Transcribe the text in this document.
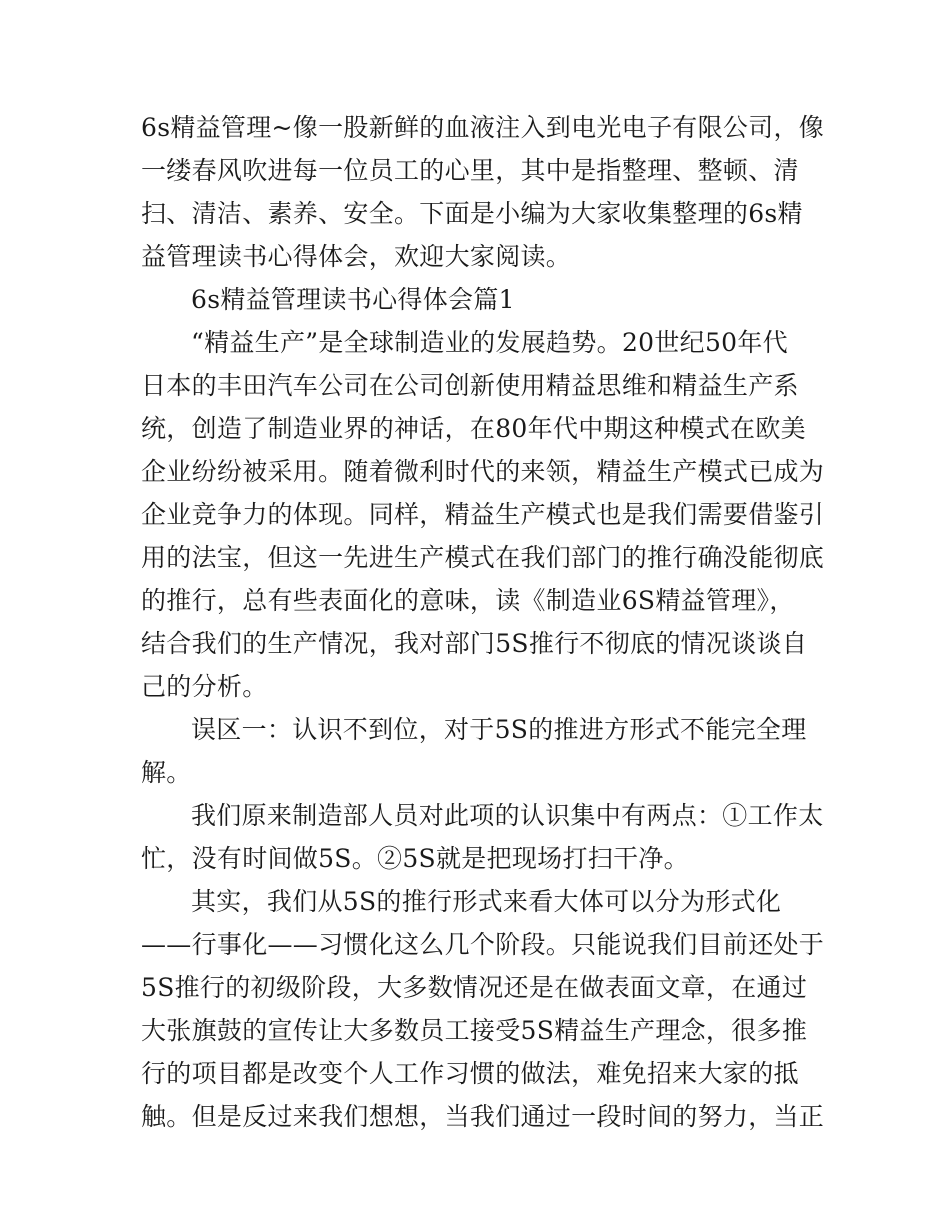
6s精益管理~像一股新鲜的血液注入到电光电子有限公司，像
一缕春风吹进每一位员工的心里，其中是指整理、整顿、清
扫、清洁、素养、安全。下面是小编为大家收集整理的6s精
益管理读书心得体会，欢迎大家阅读。
6s精益管理读书心得体会篇1
“精益生产”是全球制造业的发展趋势。20世纪50年代
日本的丰田汽车公司在公司创新使用精益思维和精益生产系
统，创造了制造业界的神话，在80年代中期这种模式在欧美
企业纷纷被采用。随着微利时代的来领，精益生产模式已成为
企业竞争力的体现。同样，精益生产模式也是我们需要借鉴引
用的法宝，但这一先进生产模式在我们部门的推行确没能彻底
的推行，总有些表面化的意味，读《制造业6S精益管理》，
结合我们的生产情况，我对部门5S推行不彻底的情况谈谈自
己的分析。
误区一：认识不到位，对于5S的推进方形式不能完全理
解。
我们原来制造部人员对此项的认识集中有两点：①工作太
忙，没有时间做5S。②5S就是把现场打扫干净。
其实，我们从5S的推行形式来看大体可以分为形式化
——行事化——习惯化这么几个阶段。只能说我们目前还处于
5S推行的初级阶段，大多数情况还是在做表面文章，在通过
大张旗鼓的宣传让大多数员工接受5S精益生产理念，很多推
行的项目都是改变个人工作习惯的做法，难免招来大家的抵
触。但是反过来我们想想，当我们通过一段时间的努力，当正
